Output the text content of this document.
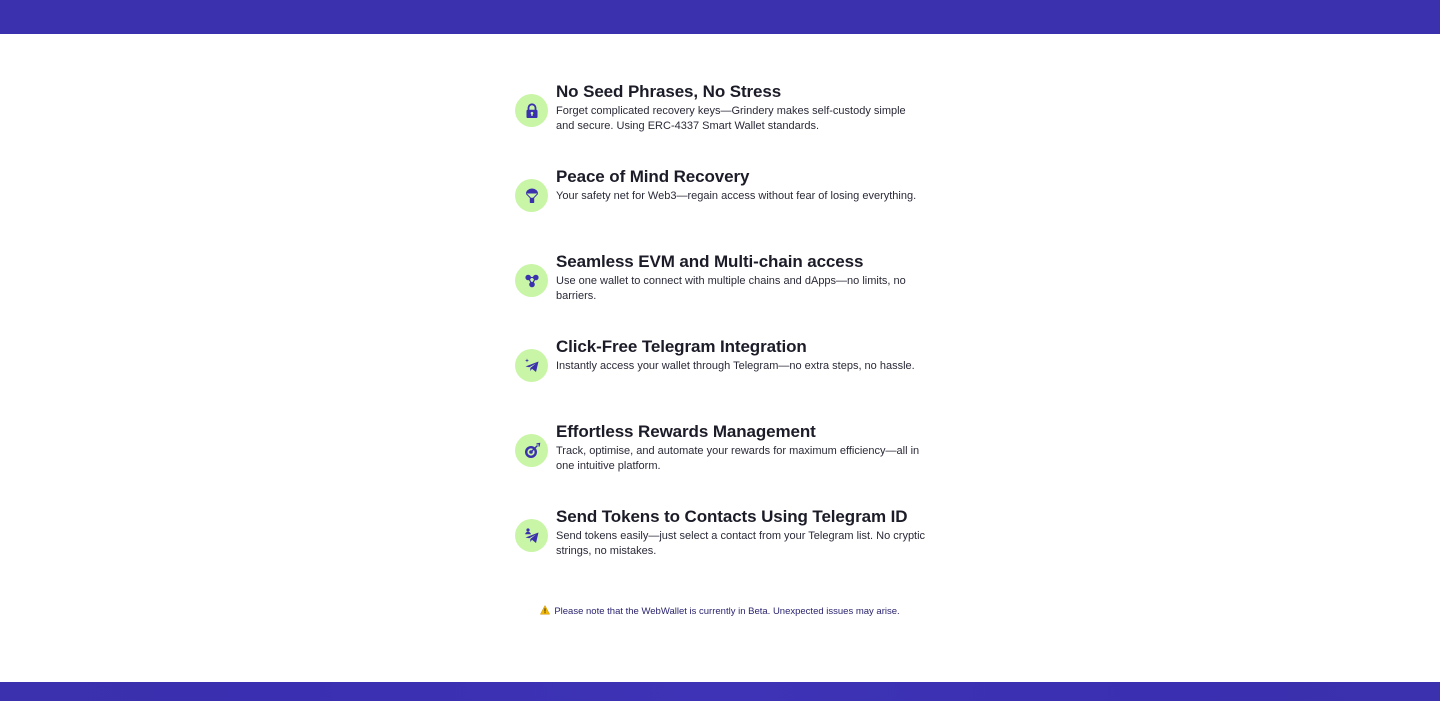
No Seed Phrases, No Stress

Forget complicated recovery keys—Grindery makes self-custody simple and secure. Using ERC-4337 Smart Wallet standards.

Peace of Mind Recovery

Your safety net for Web3—regain access without fear of losing everything.

Seamless EVM and Multi-chain access

Use one wallet to connect with multiple chains and dApps—no limits, no barriers.

Click-Free Telegram Integration

Instantly access your wallet through Telegram—no extra steps, no hassle.

Effortless Rewards Management

Track, optimise, and automate your rewards for maximum efficiency—all in one intuitive platform.

Send Tokens to Contacts Using Telegram ID

Send tokens easily—just select a contact from your Telegram list. No cryptic strings, no mistakes.

Please note that the WebWallet is currently in Beta. Unexpected issues may arise.
